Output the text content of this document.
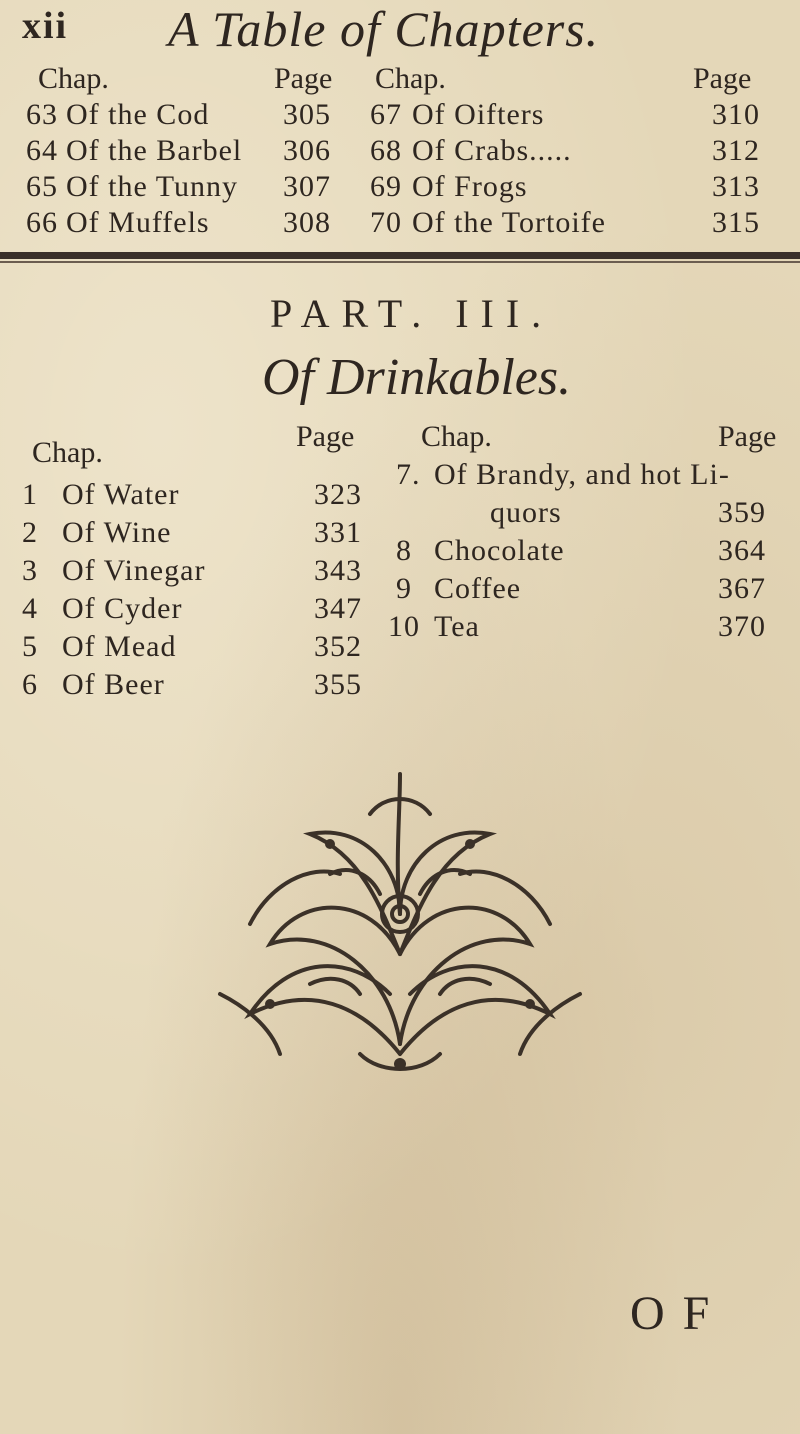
xii A Table of Chapters.
Chap.	Page Chap.	Page
63 Of the Cod 305
64 Of the Barbel 306
65 Of the Tunny 307
66 Of Muffels 308
67 Of Oifters	310
68 Of Crabs.....	312
69 Of Frogs	313
70 Of the Tortoife	315
PART. III.
Of Drinkables.
Chap.	Page Chap.	Page
1 Of Water	323
2 Of Wine	331
3 Of Vinegar	343
4 Of Cyder	347
5 Of Mead	352
6 Of Beer	355
7. Of Brandy, and hot Li-
quors	359
8 Chocolate	364
9 Coffee	367
10 Tea	370
OF
